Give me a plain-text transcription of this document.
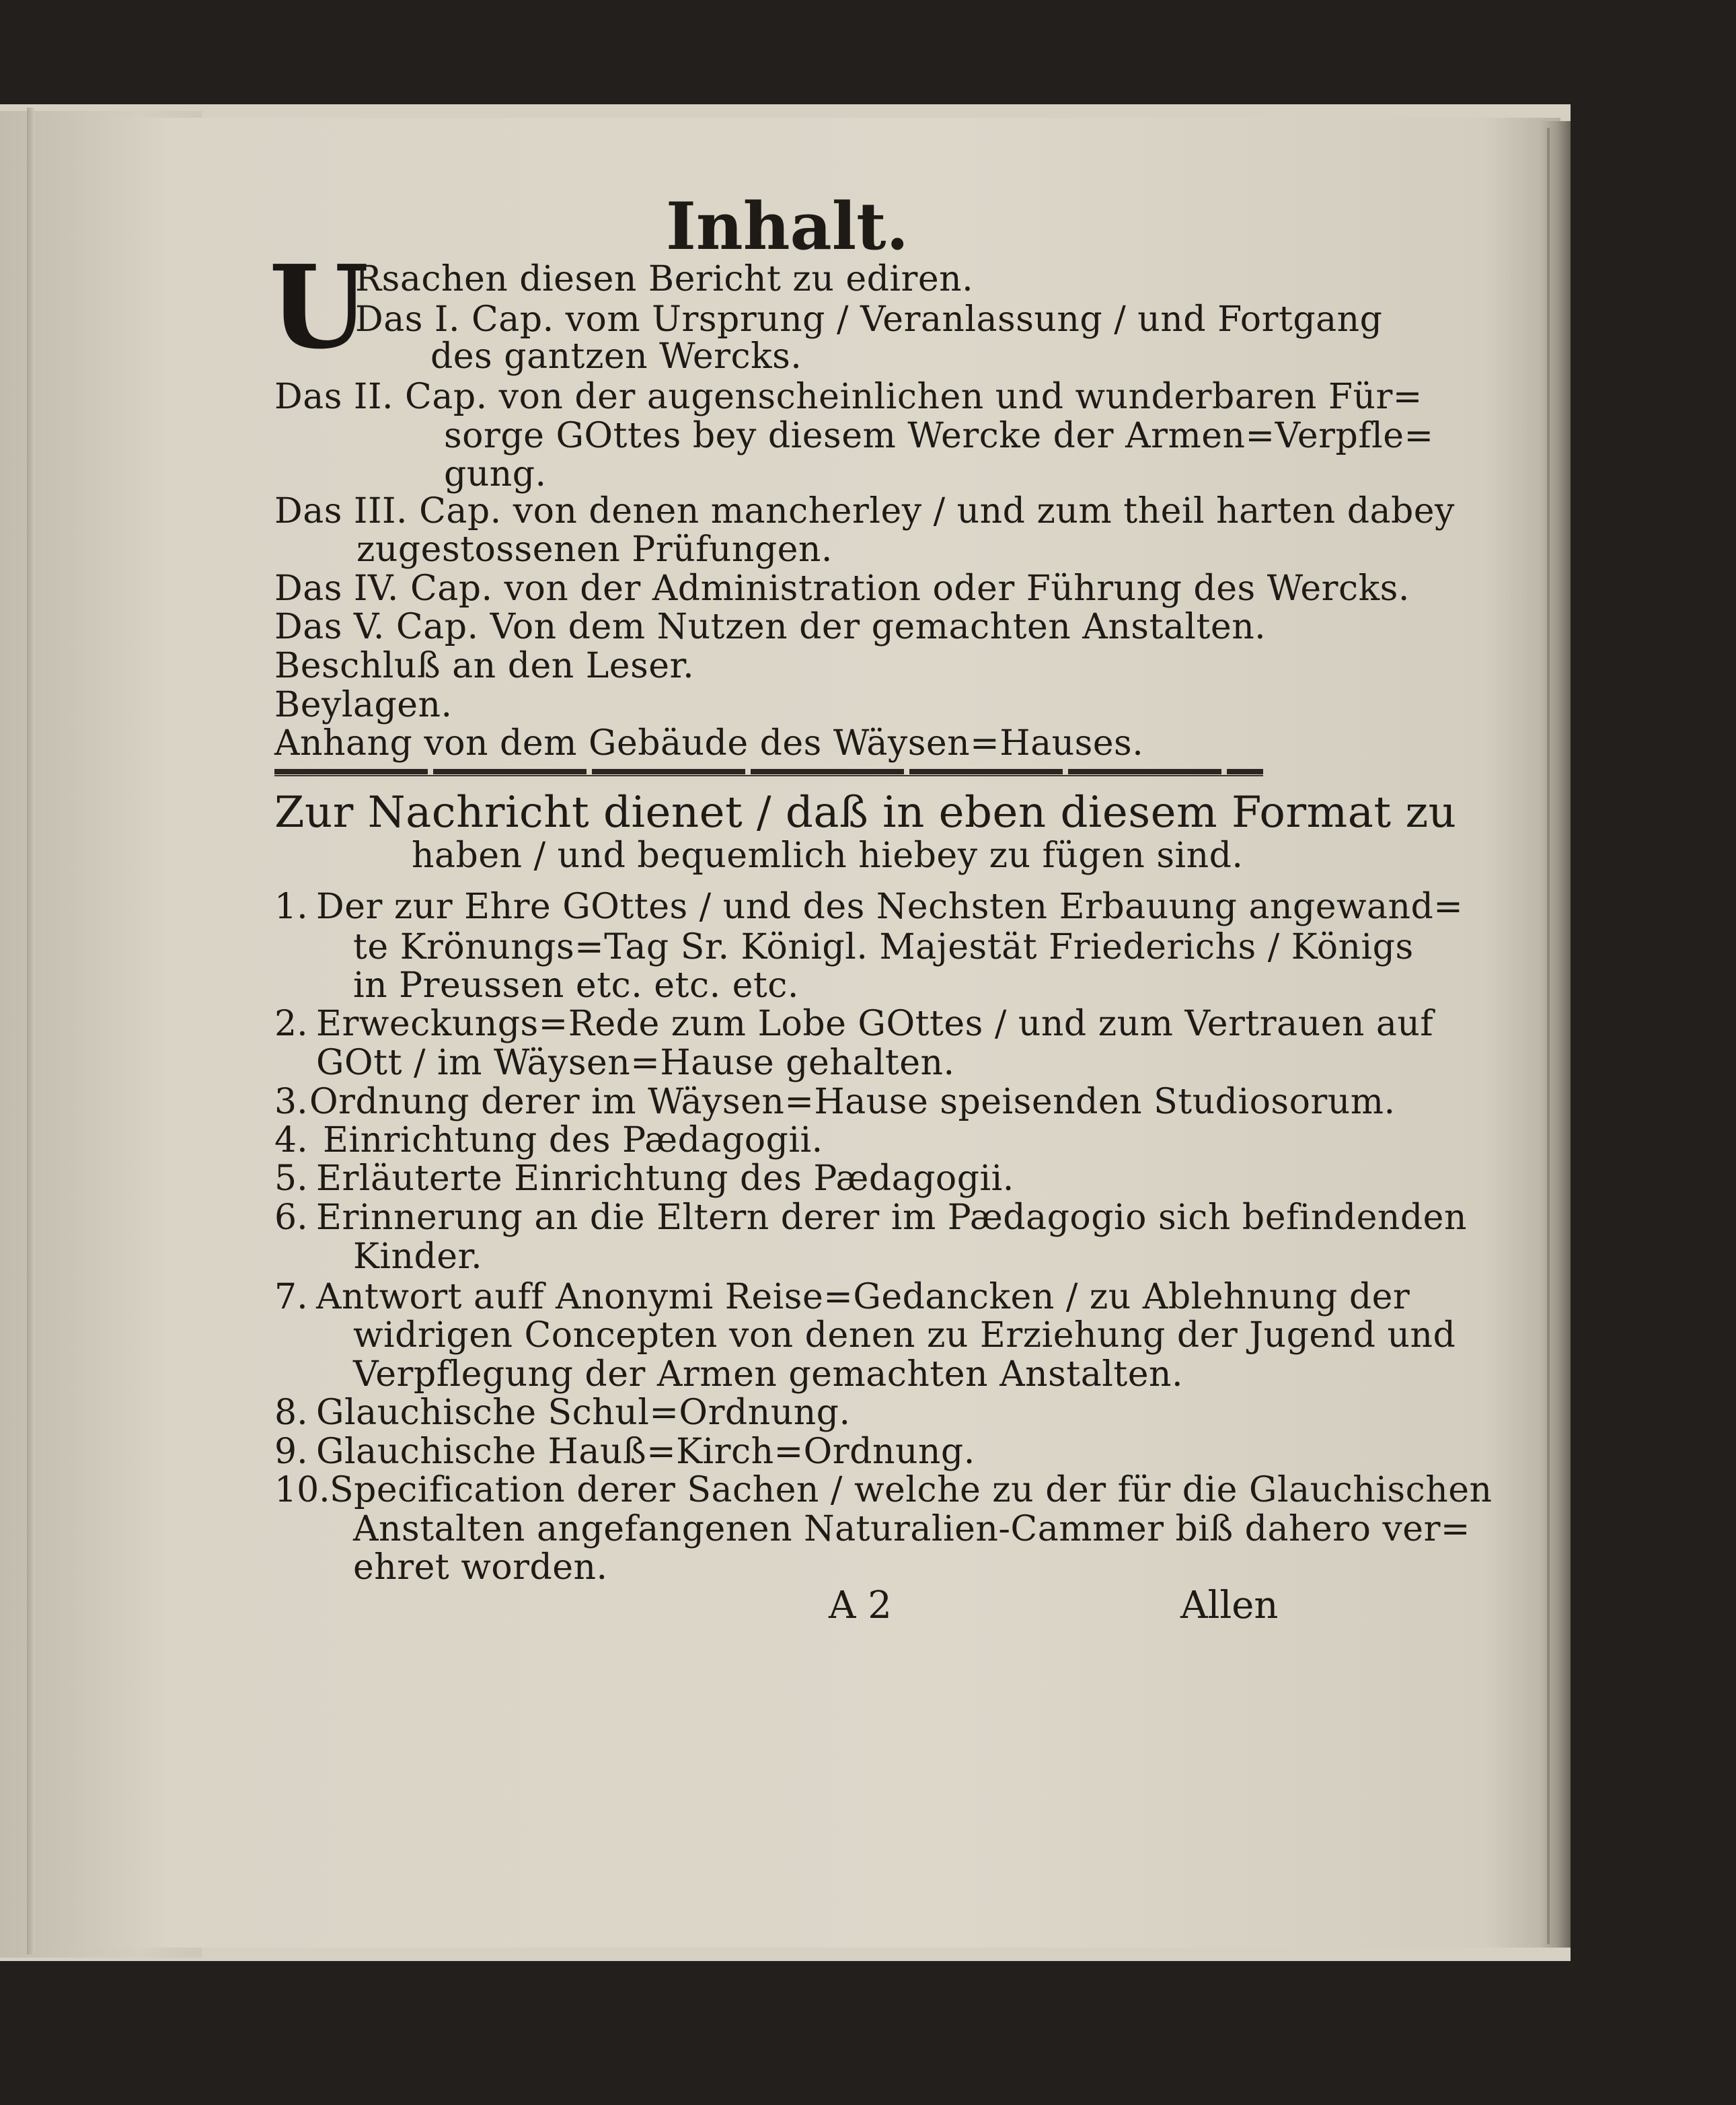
Inhalt.
U
Rsachen diesen Bericht zu ediren.
Das I. Cap. vom Ursprung / Veranlassung / und Fortgang
des gantzen Wercks.
Das II. Cap. von der augenscheinlichen und wunderbaren Für=
sorge GOttes bey diesem Wercke der Armen=Verpfle=
gung.
Das III. Cap. von denen mancherley / und zum theil harten dabey
zugestossenen Prüfungen.
Das IV. Cap. von der Administration oder Führung des Wercks.
Das V. Cap. Von dem Nutzen der gemachten Anstalten.
Beschluß an den Leser.
Beylagen.
Anhang von dem Gebäude des Wäysen=Hauses.
Zur Nachricht dienet / daß in eben diesem Format zu
haben / und bequemlich hiebey zu fügen sind.
1. Der zur Ehre GOttes / und des Nechsten Erbauung angewand=
te Krönungs=Tag Sr. Königl. Majestät Friederichs / Königs
in Preussen etc. etc. etc.
2. Erweckungs=Rede zum Lobe GOttes / und zum Vertrauen auf
GOtt / im Wäysen=Hause gehalten.
3. Ordnung derer im Wäysen=Hause speisenden Studiosorum.
4. Einrichtung des Pædagogii.
5. Erläuterte Einrichtung des Pædagogii.
6. Erinnerung an die Eltern derer im Pædagogio sich befindenden
Kinder.
7. Antwort auff Anonymi Reise=Gedancken / zu Ablehnung der
widrigen Concepten von denen zu Erziehung der Jugend und
Verpflegung der Armen gemachten Anstalten.
8. Glauchische Schul=Ordnung.
9. Glauchische Hauß=Kirch=Ordnung.
10. Specification derer Sachen / welche zu der für die Glauchischen
Anstalten angefangenen Naturalien-Cammer biß dahero ver=
ehret worden.
A 2	Allen
